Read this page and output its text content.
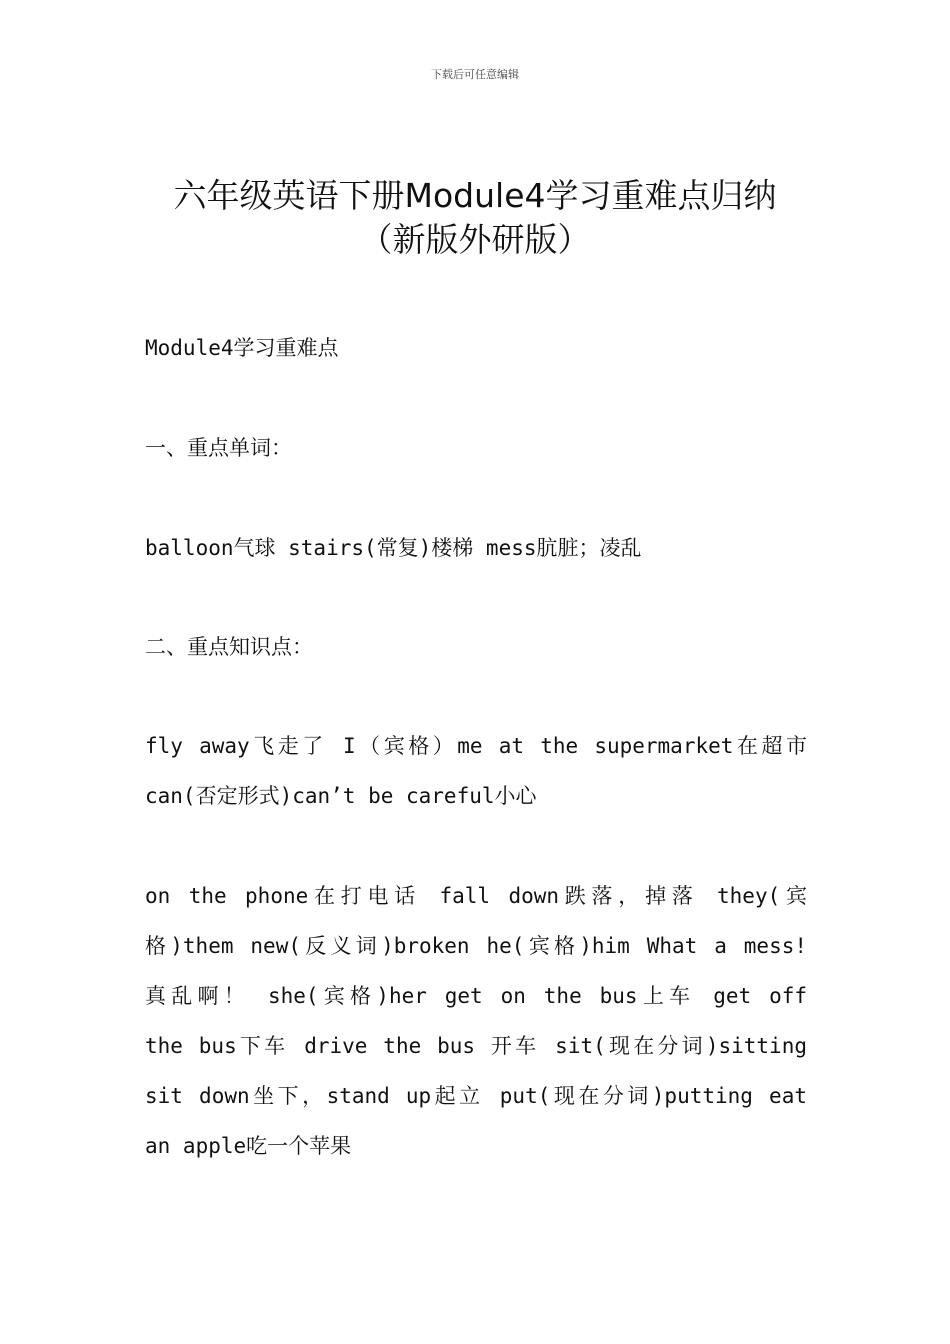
下载后可任意编辑
六年级英语下册Module4学习重难点归纳
（新版外研版）
Module4学习重难点
一、重点单词：
balloon气球 stairs(常复)楼梯 mess肮脏；凌乱
二、重点知识点：
fly away飞走了 I（宾格）me at the supermarket在超市
can(否定形式)can’t be careful小心
on the phone在打电话 fall down跌落，掉落 they(宾
格)them new(反义词)broken he(宾格)him What a mess!
真乱啊！ she(宾格)her get on the bus上车 get off
the bus下车 drive the bus 开车 sit(现在分词)sitting
sit down坐下，stand up起立 put(现在分词)putting eat
an apple吃一个苹果
